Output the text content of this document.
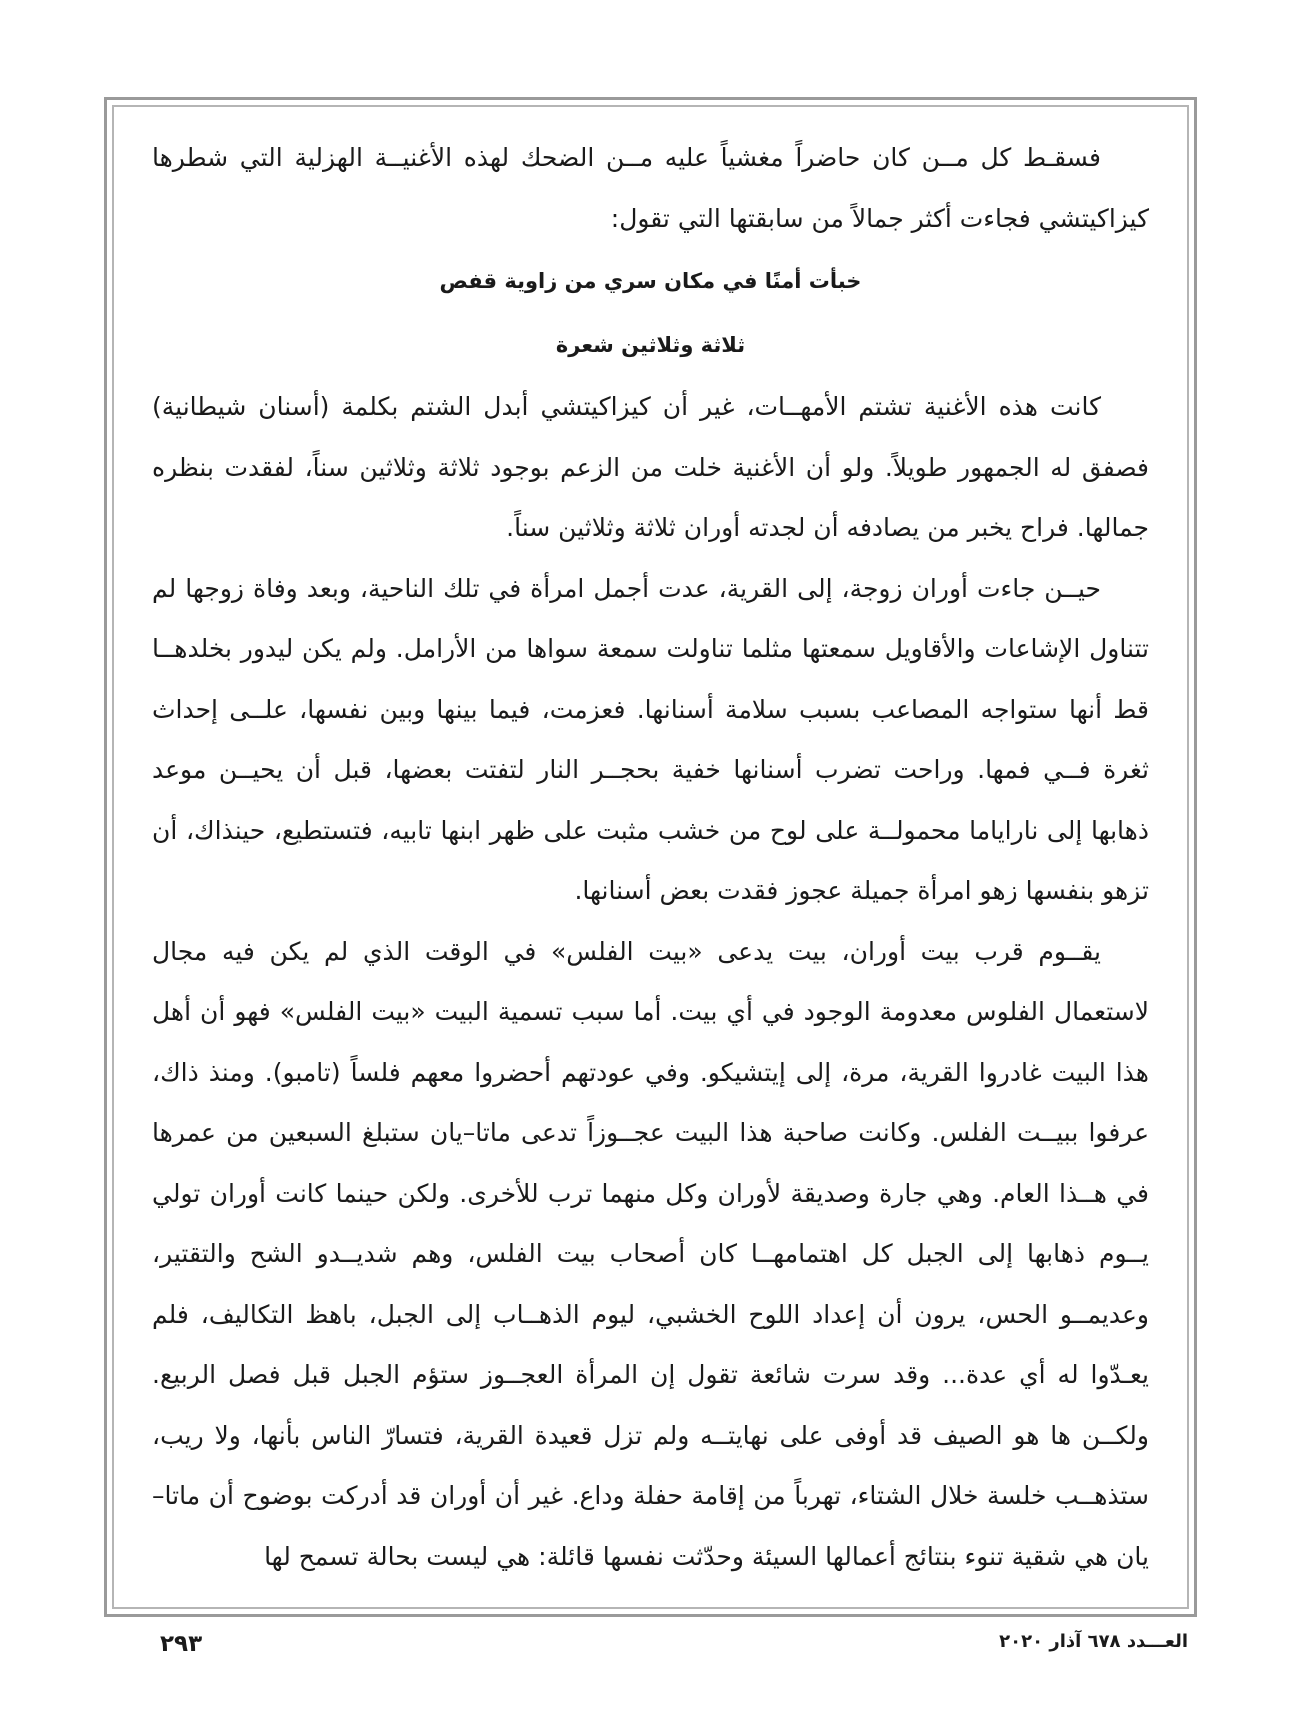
فسقـط كل مــن كان حاضراً مغشياً عليه مــن الضحك لهذه الأغنيــة الهزلية التي شطرها كيزاكيتشي فجاءت أكثر جمالاً من سابقتها التي تقول:

خبأت أمنًا في مكان سري من زاوية قفص

ثلاثة وثلاثين شعرة

كانت هذه الأغنية تشتم الأمهــات، غير أن كيزاكيتشي أبدل الشتم بكلمة (أسنان شيطانية) فصفق له الجمهور طويلاً. ولو أن الأغنية خلت من الزعم بوجود ثلاثة وثلاثين سناً، لفقدت بنظره جمالها. فراح يخبر من يصادفه أن لجدته أوران ثلاثة وثلاثين سناً.

حيــن جاءت أوران زوجة، إلى القرية، عدت أجمل امرأة في تلك الناحية، وبعد وفاة زوجها لم تتناول الإشاعات والأقاويل سمعتها مثلما تناولت سمعة سواها من الأرامل. ولم يكن ليدور بخلدهــا قط أنها ستواجه المصاعب بسبب سلامة أسنانها. فعزمت، فيما بينها وبين نفسها، علــى إحداث ثغرة فــي فمها. وراحت تضرب أسنانها خفية بحجــر النار لتفتت بعضها، قبل أن يحيــن موعد ذهابها إلى ناراياما محمولــة على لوح من خشب مثبت على ظهر ابنها تابيه، فتستطيع، حينذاك، أن تزهو بنفسها زهو امرأة جميلة عجوز فقدت بعض أسنانها.

يقــوم قرب بيت أوران، بيت يدعى «بيت الفلس» في الوقت الذي لم يكن فيه مجال لاستعمال الفلوس معدومة الوجود في أي بيت. أما سبب تسمية البيت «بيت الفلس» فهو أن أهل هذا البيت غادروا القرية، مرة، إلى إيتشيكو. وفي عودتهم أحضروا معهم فلساً (تامبو). ومنذ ذاك، عرفوا ببيــت الفلس. وكانت صاحبة هذا البيت عجــوزاً تدعى ماتا–يان ستبلغ السبعين من عمرها في هــذا العام. وهي جارة وصديقة لأوران وكل منهما ترب للأخرى. ولكن حينما كانت أوران تولي يــوم ذهابها إلى الجبل كل اهتمامهــا كان أصحاب بيت الفلس، وهم شديــدو الشح والتقتير، وعديمــو الحس، يرون أن إعداد اللوح الخشبي، ليوم الذهــاب إلى الجبل، باهظ التكاليف، فلم يعـدّوا له أي عدة... وقد سرت شائعة تقول إن المرأة العجــوز ستؤم الجبل قبل فصل الربيع. ولكــن ها هو الصيف قد أوفى على نهايتــه ولم تزل قعيدة القرية، فتسارّ الناس بأنها، ولا ريب، ستذهــب خلسة خلال الشتاء، تهرباً من إقامة حفلة وداع. غير أن أوران قد أدركت بوضوح أن ماتا–يان هي شقية تنوء بنتائج أعمالها السيئة وحدّثت نفسها قائلة: هي ليست بحالة تسمح لها

العـــدد ٦٧٨ آذار ٢٠٢٠
٢٩٣
